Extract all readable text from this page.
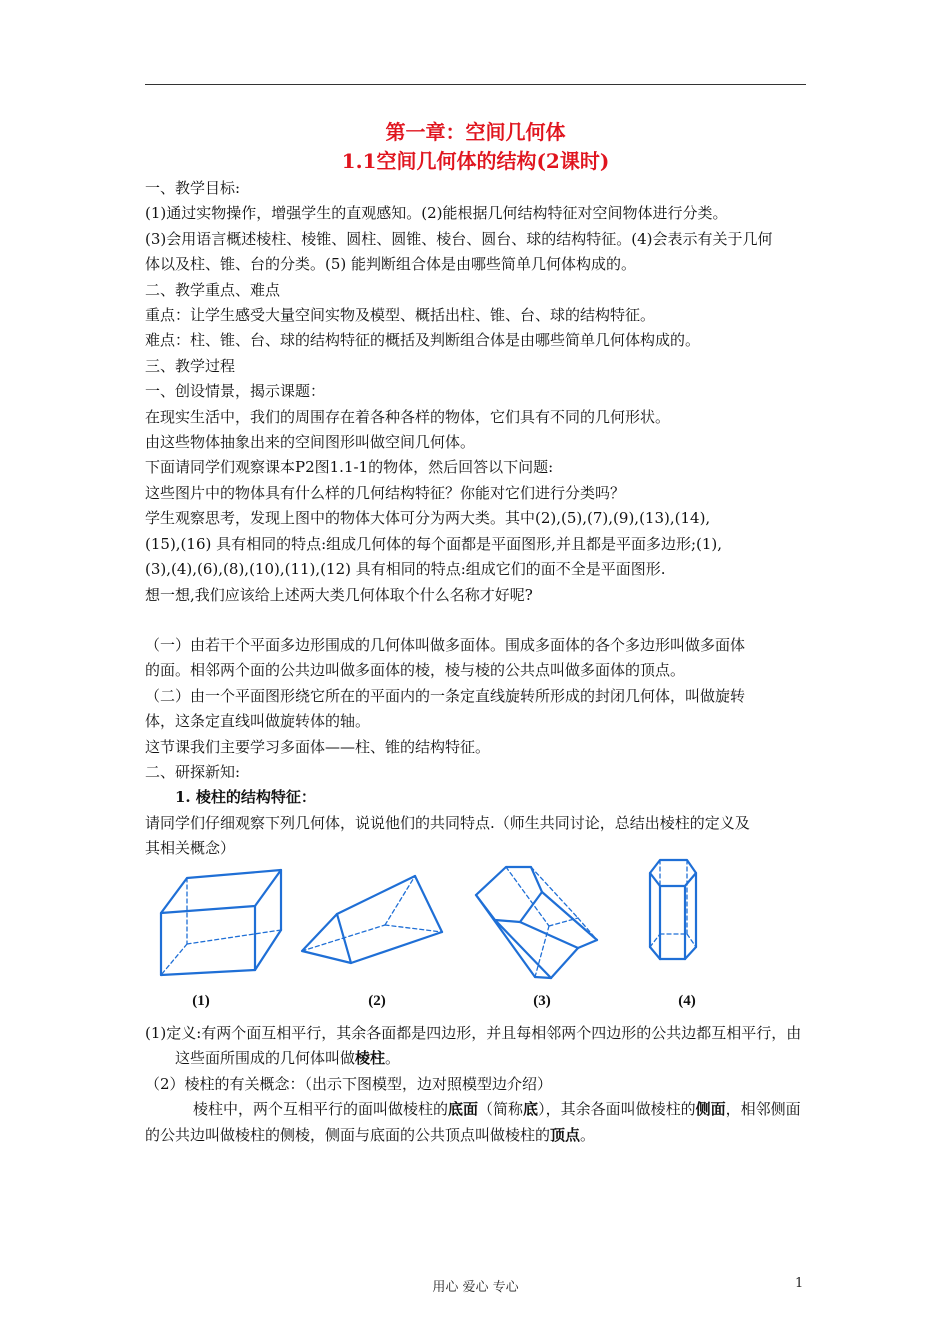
第一章：空间几何体
1.1空间几何体的结构(2课时)

一、教学目标:

(1)通过实物操作，增强学生的直观感知。(2)能根据几何结构特征对空间物体进行分类。

(3)会用语言概述棱柱、棱锥、圆柱、圆锥、棱台、圆台、球的结构特征。(4)会表示有关于几何

体以及柱、锥、台的分类。(5) 能判断组合体是由哪些简单几何体构成的。

二、教学重点、难点

重点：让学生感受大量空间实物及模型、概括出柱、锥、台、球的结构特征。

难点：柱、锥、台、球的结构特征的概括及判断组合体是由哪些简单几何体构成的。

三、教学过程

一、创设情景，揭示课题：

在现实生活中，我们的周围存在着各种各样的物体，它们具有不同的几何形状。

由这些物体抽象出来的空间图形叫做空间几何体。

下面请同学们观察课本P2图1.1-1的物体，然后回答以下问题:

这些图片中的物体具有什么样的几何结构特征？你能对它们进行分类吗？

学生观察思考，发现上图中的物体大体可分为两大类。其中(2),(5),(7),(9),(13),(14),

(15),(16) 具有相同的特点:组成几何体的每个面都是平面图形,并且都是平面多边形;(1),

(3),(4),(6),(8),(10),(11),(12) 具有相同的特点:组成它们的面不全是平面图形.

想一想,我们应该给上述两大类几何体取个什么名称才好呢?

（一）由若干个平面多边形围成的几何体叫做多面体。围成多面体的各个多边形叫做多面体

的面。相邻两个面的公共边叫做多面体的棱，棱与棱的公共点叫做多面体的顶点。

（二）由一个平面图形绕它所在的平面内的一条定直线旋转所形成的封闭几何体，叫做旋转

体，这条定直线叫做旋转体的轴。

这节课我们主要学习多面体——柱、锥的结构特征。

二、研探新知:

1. 棱柱的结构特征：

请同学们仔细观察下列几何体，说说他们的共同特点.（师生共同讨论，总结出棱柱的定义及

其相关概念）

(1)	(2)	(3)	(4)

(1)定义:有两个面互相平行，其余各面都是四边形，并且每相邻两个四边形的公共边都互相平行，由这些面所围成的几何体叫做棱柱。

（2）棱柱的有关概念：（出示下图模型，边对照模型边介绍）

棱柱中，两个互相平行的面叫做棱柱的底面（简称底），其余各面叫做棱柱的侧面，相邻侧面的公共边叫做棱柱的侧棱，侧面与底面的公共顶点叫做棱柱的顶点。

用心 爱心 专心	1
